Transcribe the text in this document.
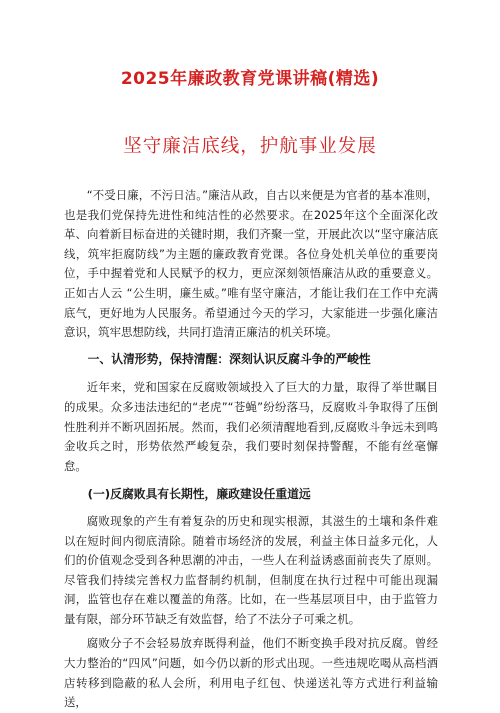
2025年廉政教育党课讲稿(精选)
坚守廉洁底线，护航事业发展

“不受日廉，不污日洁。”廉洁从政，自古以来便是为官者的基本准则，也是我们党保持先进性和纯洁性的必然要求。在2025年这个全面深化改革、向着新目标奋进的关键时期，我们齐聚一堂，开展此次以“坚守廉洁底线，筑牢拒腐防线”为主题的廉政教育党课。各位身处机关单位的重要岗位，手中握着党和人民赋予的权力，更应深刻领悟廉洁从政的重要意义。正如古人云 “公生明，廉生威。”唯有坚守廉洁，才能让我们在工作中充满底气，更好地为人民服务。希望通过今天的学习，大家能进一步强化廉洁意识，筑牢思想防线，共同打造清正廉洁的机关环境。

一、认清形势，保持清醒：深刻认识反腐斗争的严峻性

近年来，党和国家在反腐败领域投入了巨大的力量，取得了举世瞩目的成果。众多违法违纪的“老虎”“苍蝇”纷纷落马，反腐败斗争取得了压倒性胜利并不断巩固拓展。然而，我们必须清醒地看到,反腐败斗争远未到鸣金收兵之时，形势依然严峻复杂，我们要时刻保持警醒，不能有丝毫懈怠。

(一)反腐败具有长期性，廉政建设任重道远

腐败现象的产生有着复杂的历史和现实根源，其滋生的土壤和条件难以在短时间内彻底清除。随着市场经济的发展，利益主体日益多元化，人们的价值观念受到各种思潮的冲击，一些人在利益诱惑面前丧失了原则。尽管我们持续完善权力监督制约机制，但制度在执行过程中可能出现漏洞，监管也存在难以覆盖的角落。比如，在一些基层项目中，由于监管力量有限，部分环节缺乏有效监督，给了不法分子可乘之机。

腐败分子不会轻易放弃既得利益，他们不断变换手段对抗反腐。曾经大力整治的“四风”问题，如今仍以新的形式出现。一些违规吃喝从高档酒店转移到隐蔽的私人会所，利用电子红包、快递送礼等方式进行利益输送，
